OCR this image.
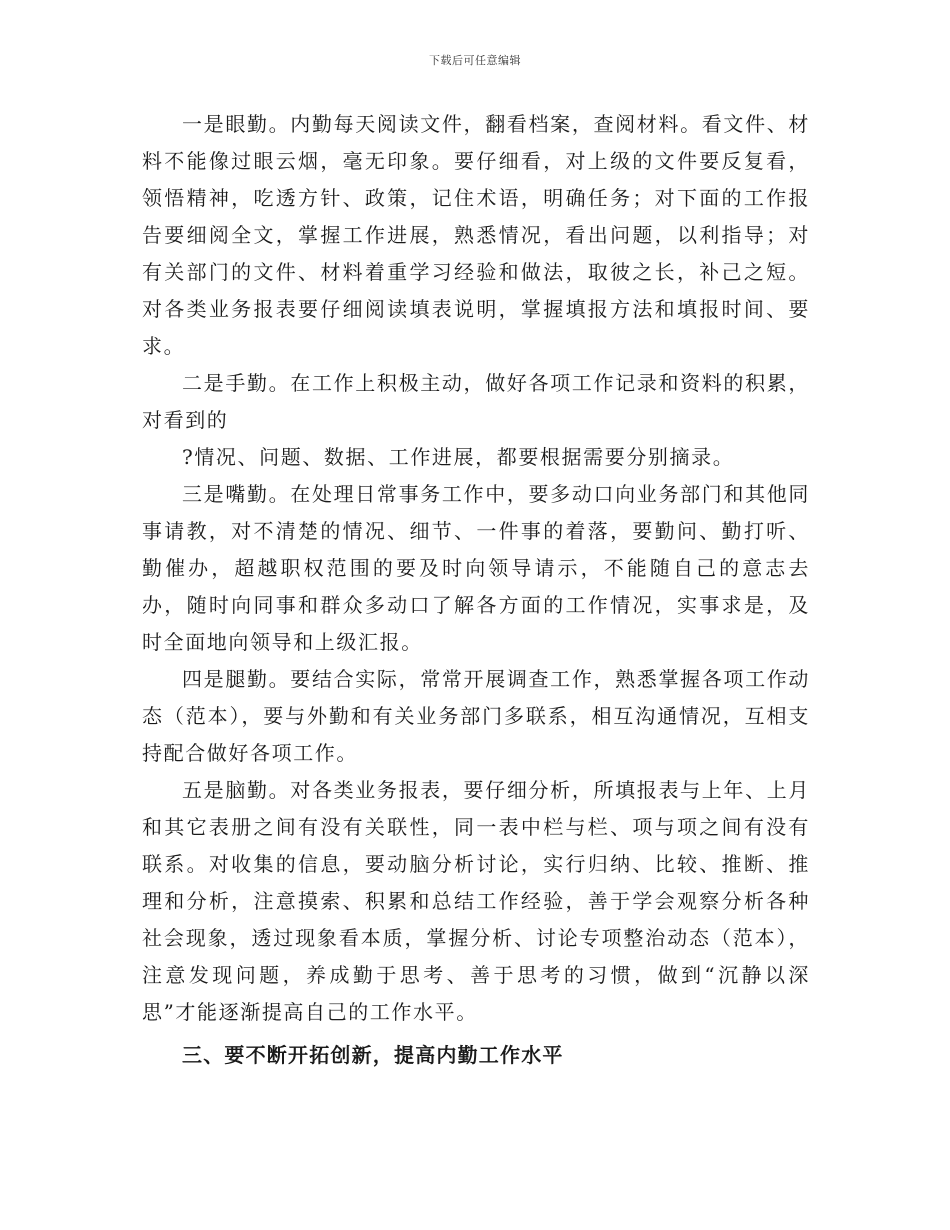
下载后可任意编辑

一是眼勤。内勤每天阅读文件，翻看档案，查阅材料。看文件、材料不能像过眼云烟，毫无印象。要仔细看，对上级的文件要反复看，领悟精神，吃透方针、政策，记住术语，明确任务；对下面的工作报告要细阅全文，掌握工作进展，熟悉情况，看出问题，以利指导；对有关部门的文件、材料着重学习经验和做法，取彼之长，补己之短。对各类业务报表要仔细阅读填表说明，掌握填报方法和填报时间、要求。

二是手勤。在工作上积极主动，做好各项工作记录和资料的积累，对看到的

?情况、问题、数据、工作进展，都要根据需要分别摘录。

三是嘴勤。在处理日常事务工作中，要多动口向业务部门和其他同事请教，对不清楚的情况、细节、一件事的着落，要勤问、勤打听、勤催办，超越职权范围的要及时向领导请示，不能随自己的意志去办，随时向同事和群众多动口了解各方面的工作情况，实事求是，及时全面地向领导和上级汇报。

四是腿勤。要结合实际，常常开展调查工作，熟悉掌握各项工作动态（范本），要与外勤和有关业务部门多联系，相互沟通情况，互相支持配合做好各项工作。

五是脑勤。对各类业务报表，要仔细分析，所填报表与上年、上月和其它表册之间有没有关联性，同一表中栏与栏、项与项之间有没有联系。对收集的信息，要动脑分析讨论，实行归纳、比较、推断、推理和分析，注意摸索、积累和总结工作经验，善于学会观察分析各种社会现象，透过现象看本质，掌握分析、讨论专项整治动态（范本），注意发现问题，养成勤于思考、善于思考的习惯，做到“沉静以深思”才能逐渐提高自己的工作水平。

三、要不断开拓创新，提高内勤工作水平
